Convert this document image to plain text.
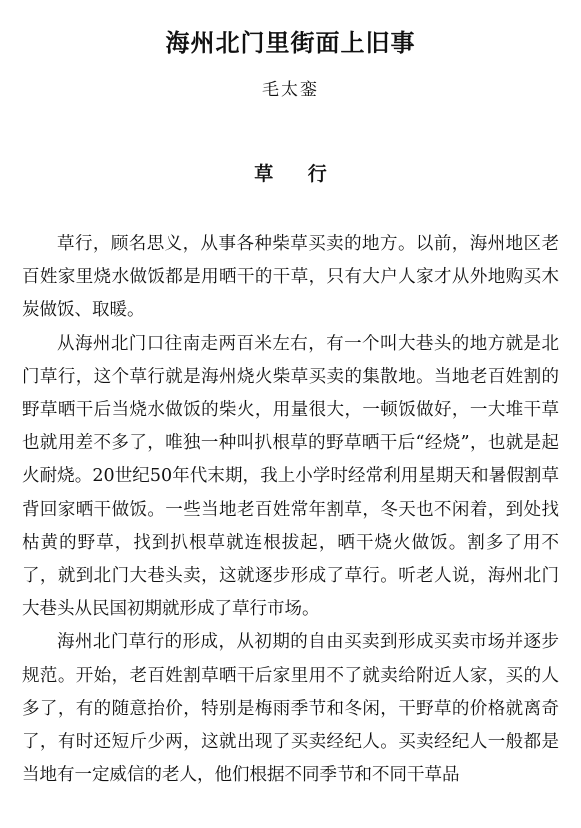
海州北门里街面上旧事
毛太銮
草 行

草行，顾名思义，从事各种柴草买卖的地方。以前，海州地区老百姓家里烧水做饭都是用晒干的干草，只有大户人家才从外地购买木炭做饭、取暖。

从海州北门口往南走两百米左右，有一个叫大巷头的地方就是北门草行，这个草行就是海州烧火柴草买卖的集散地。当地老百姓割的野草晒干后当烧水做饭的柴火，用量很大，一顿饭做好，一大堆干草也就用差不多了，唯独一种叫扒根草的野草晒干后“经烧”，也就是起火耐烧。20世纪50年代末期，我上小学时经常利用星期天和暑假割草背回家晒干做饭。一些当地老百姓常年割草，冬天也不闲着，到处找枯黄的野草，找到扒根草就连根拔起，晒干烧火做饭。割多了用不了，就到北门大巷头卖，这就逐步形成了草行。听老人说，海州北门大巷头从民国初期就形成了草行市场。

海州北门草行的形成，从初期的自由买卖到形成买卖市场并逐步规范。开始，老百姓割草晒干后家里用不了就卖给附近人家，买的人多了，有的随意抬价，特别是梅雨季节和冬闲，干野草的价格就离奇了，有时还短斤少两，这就出现了买卖经纪人。买卖经纪人一般都是当地有一定威信的老人，他们根据不同季节和不同干草品
